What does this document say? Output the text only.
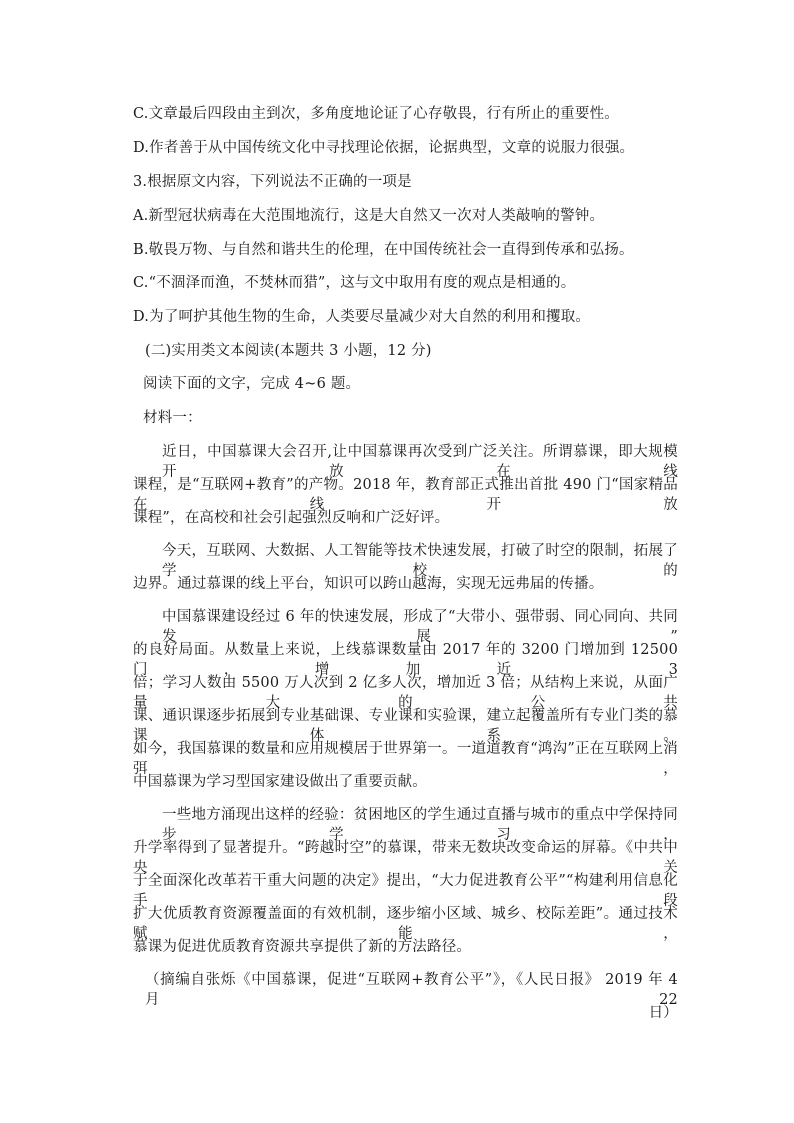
C.文章最后四段由主到次，多角度地论证了心存敬畏，行有所止的重要性。
D.作者善于从中国传统文化中寻找理论依据，论据典型，文章的说服力很强。
3.根据原文内容，下列说法不正确的一项是
A.新型冠状病毒在大范围地流行，这是大自然又一次对人类敲响的警钟。
B.敬畏万物、与自然和谐共生的伦理，在中国传统社会一直得到传承和弘扬。
C.“不涸泽而渔，不焚林而猎”，这与文中取用有度的观点是相通的。
D.为了呵护其他生物的生命，人类要尽量减少对大自然的利用和攫取。
(二)实用类文本阅读(本题共 3 小题，12 分)
阅读下面的文字，完成 4~6 题。
材料一：
近日，中国慕课大会召开,让中国慕课再次受到广泛关注。所谓慕课，即大规模开放在线
课程，是“互联网+教育”的产物。2018 年，教育部正式推出首批 490 门“国家精品在线开放
课程”，在高校和社会引起强烈反响和广泛好评。
今天，互联网、大数据、人工智能等技术快速发展，打破了时空的限制，拓展了学校的
边界。通过慕课的线上平台，知识可以跨山越海，实现无远弗届的传播。
中国慕课建设经过 6 年的快速发展，形成了“大带小、强带弱、同心同向、共同发展”
的良好局面。从数量上来说，上线慕课数量由 2017 年的 3200 门增加到 12500 门，增加近 3
倍；学习人数由 5500 万人次到 2 亿多人次，增加近 3 倍；从结构上来说，从面广量大的公共
课、通识课逐步拓展到专业基础课、专业课和实验课，建立起覆盖所有专业门类的慕课体系。
如今，我国慕课的数量和应用规模居于世界第一。一道道教育“鸿沟”正在互联网上消弭，
中国慕课为学习型国家建设做出了重要贡献。
一些地方涌现出这样的经验：贫困地区的学生通过直播与城市的重点中学保持同步学习，
升学率得到了显著提升。“跨越时空”的慕课，带来无数块改变命运的屏幕。《中共中央关
于全面深化改革若干重大问题的决定》提出，“大力促进教育公平”“构建利用信息化手段
扩大优质教育资源覆盖面的有效机制，逐步缩小区域、城乡、校际差距”。通过技术赋能，
慕课为促进优质教育资源共享提供了新的方法路径。
（摘编自张烁《中国慕课，促进“互联网+教育公平”》，《人民日报》 2019 年 4 月 22
日）
